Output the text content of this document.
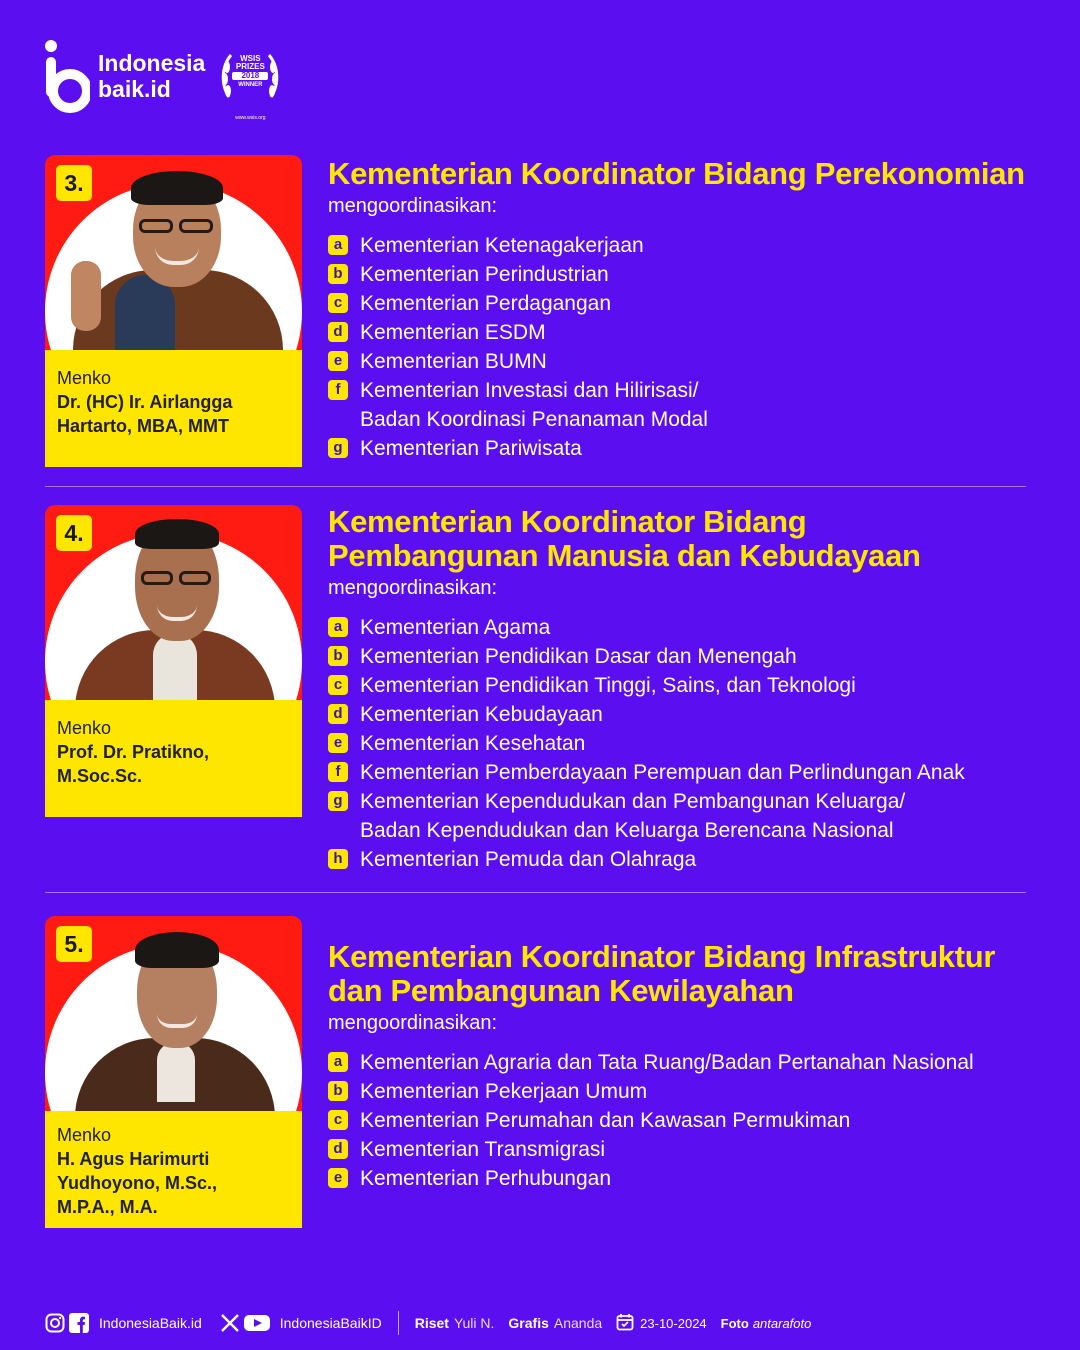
Indonesia
baik.id
WSIS
PRIZES
2018
WINNER
www.wsis.org
3.
Menko
Dr. (HC) Ir. Airlangga
Hartarto, MBA, MMT
Kementerian Koordinator Bidang Perekonomian
mengoordinasikan:
a Kementerian Ketenagakerjaan
b Kementerian Perindustrian
c Kementerian Perdagangan
d Kementerian ESDM
e Kementerian BUMN
f Kementerian Investasi dan Hilirisasi/
Badan Koordinasi Penanaman Modal
g Kementerian Pariwisata
4.
Menko
Prof. Dr. Pratikno,
M.Soc.Sc.
Kementerian Koordinator Bidang
Pembangunan Manusia dan Kebudayaan
mengoordinasikan:
a Kementerian Agama
b Kementerian Pendidikan Dasar dan Menengah
c Kementerian Pendidikan Tinggi, Sains, dan Teknologi
d Kementerian Kebudayaan
e Kementerian Kesehatan
f Kementerian Pemberdayaan Perempuan dan Perlindungan Anak
g Kementerian Kependudukan dan Pembangunan Keluarga/
Badan Kependudukan dan Keluarga Berencana Nasional
h Kementerian Pemuda dan Olahraga
5.
Menko
H. Agus Harimurti
Yudhoyono, M.Sc.,
M.P.A., M.A.
Kementerian Koordinator Bidang Infrastruktur
dan Pembangunan Kewilayahan
mengoordinasikan:
a Kementerian Agraria dan Tata Ruang/Badan Pertanahan Nasional
b Kementerian Pekerjaan Umum
c Kementerian Perumahan dan Kawasan Permukiman
d Kementerian Transmigrasi
e Kementerian Perhubungan
IndonesiaBaik.id	IndonesiaBaikID Riset Yuli N. Grafis Ananda	23-10-2024 Foto antarafoto
